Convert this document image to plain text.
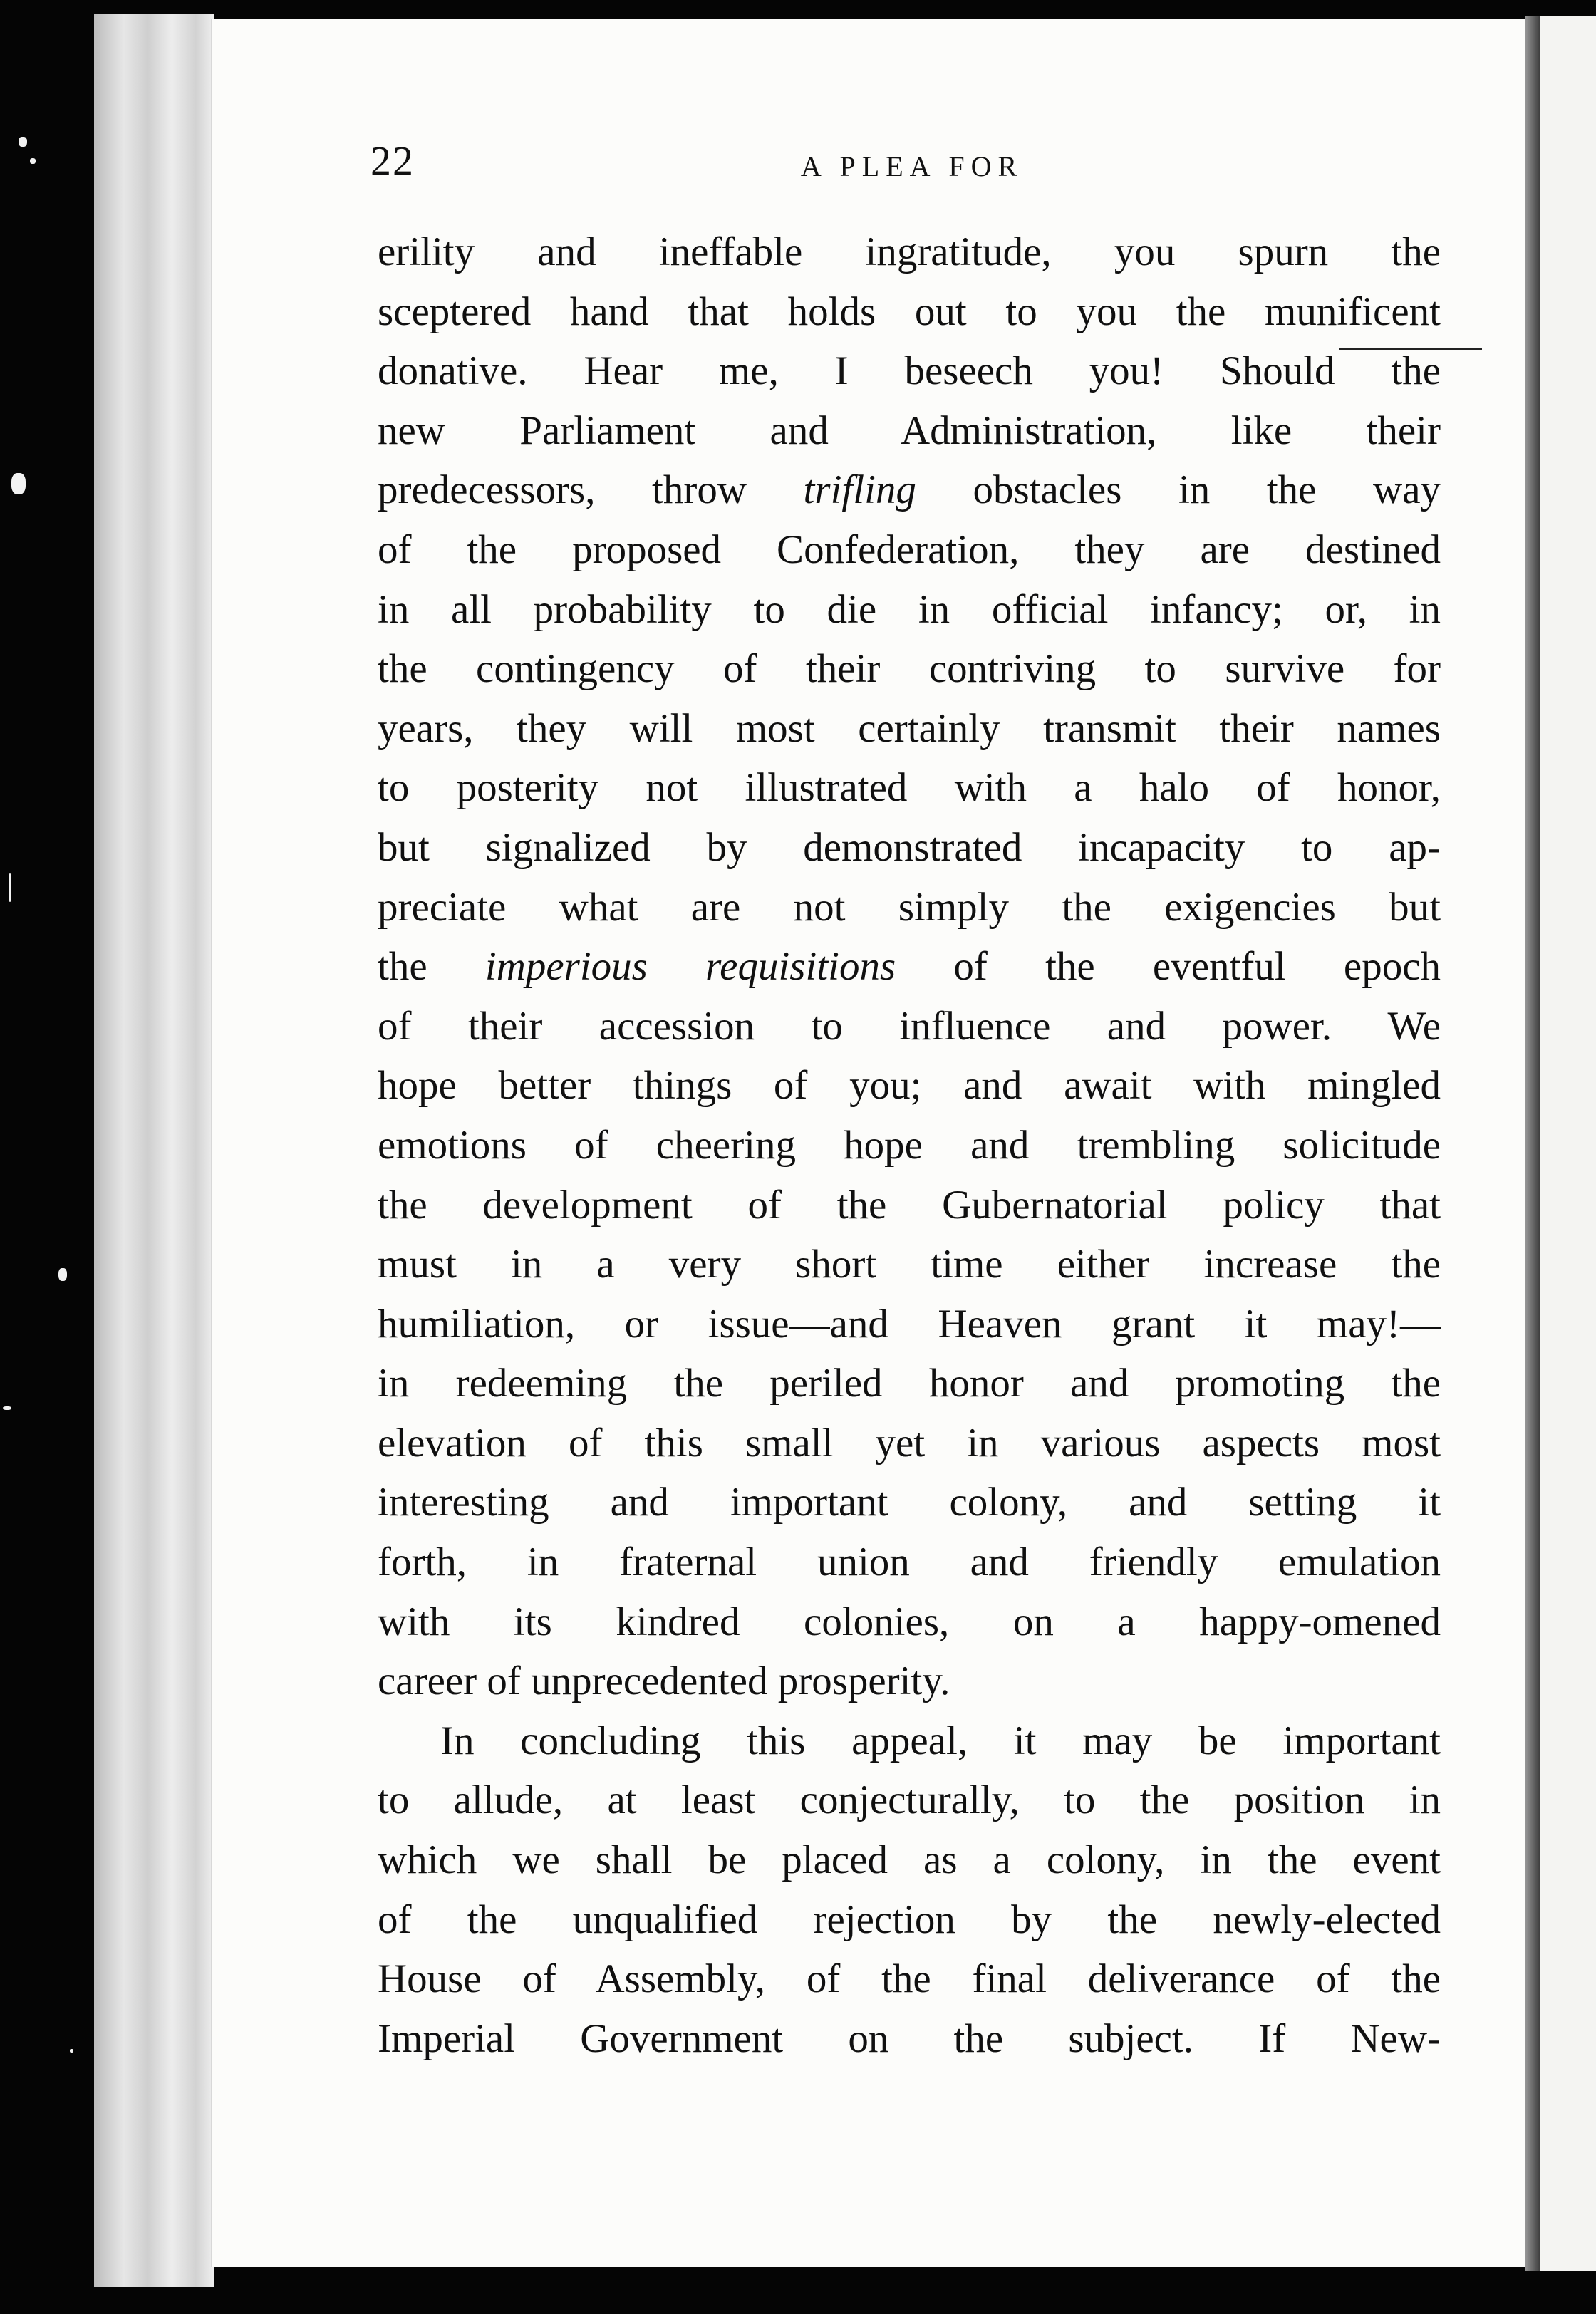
22	A PLEA FOR
erility and ineffable ingratitude, you spurn the
sceptered hand that holds out to you the munificent
donative. Hear me, I beseech you! Should the
new Parliament and Administration, like their
predecessors, throw trifling obstacles in the way
of the proposed Confederation, they are destined
in all probability to die in official infancy; or, in
the contingency of their contriving to survive for
years, they will most certainly transmit their names
to posterity not illustrated with a halo of honor,
but signalized by demonstrated incapacity to ap-
preciate what are not simply the exigencies but
the imperious requisitions of the eventful epoch
of their accession to influence and power. We
hope better things of you; and await with mingled
emotions of cheering hope and trembling solicitude
the development of the Gubernatorial policy that
must in a very short time either increase the
humiliation, or issue—and Heaven grant it may!—
in redeeming the periled honor and promoting the
elevation of this small yet in various aspects most
interesting and important colony, and setting it
forth, in fraternal union and friendly emulation
with its kindred colonies, on a happy-omened
career of unprecedented prosperity.
In concluding this appeal, it may be important
to allude, at least conjecturally, to the position in
which we shall be placed as a colony, in the event
of the unqualified rejection by the newly-elected
House of Assembly, of the final deliverance of the
Imperial Government on the subject. If New-
